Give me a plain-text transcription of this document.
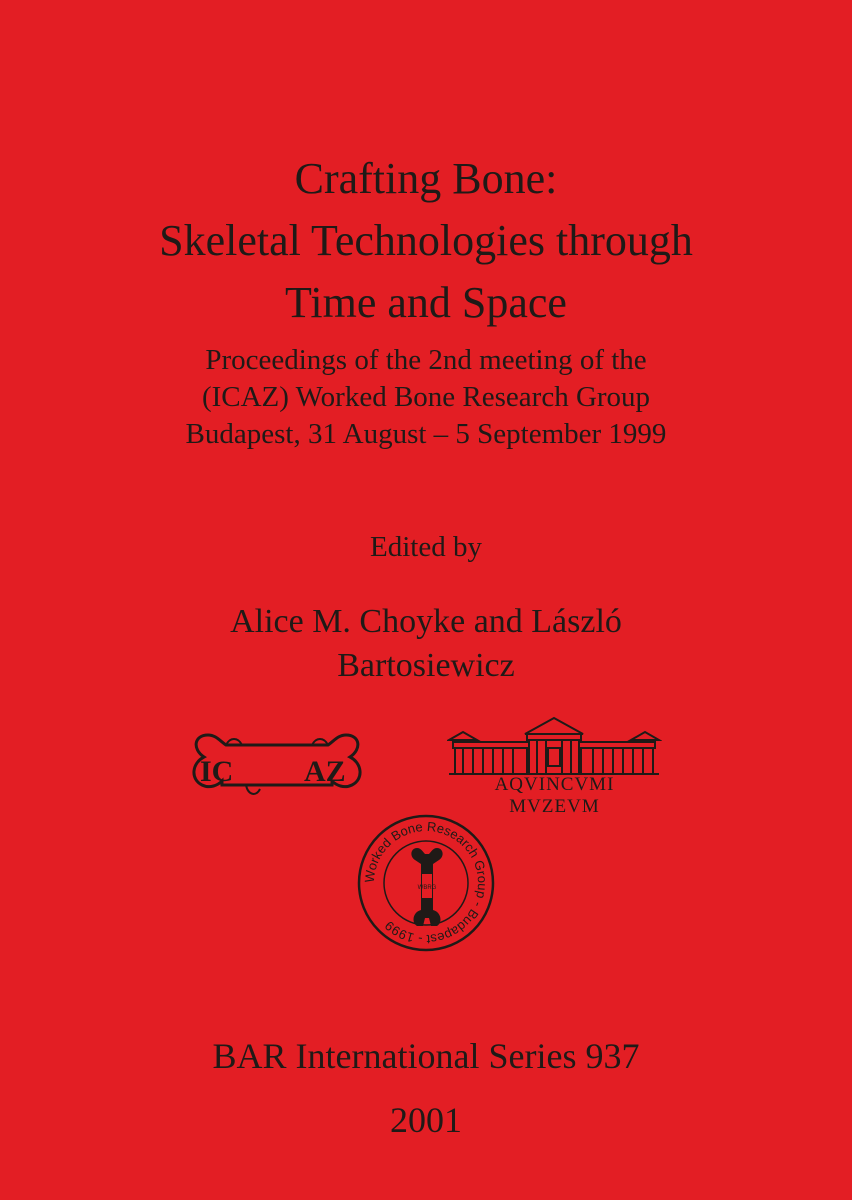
Crafting Bone:
Skeletal Technologies through
Time and Space
Proceedings of the 2nd meeting of the
(ICAZ) Worked Bone Research Group
Budapest, 31 August – 5 September 1999
Edited by
Alice M. Choyke and László
Bartosiewicz
IC AZ	AQVINCVMI MVZEVM
Worked Bone Research Group - Budapest - 1999
WBRG
BAR International Series 937
2001
